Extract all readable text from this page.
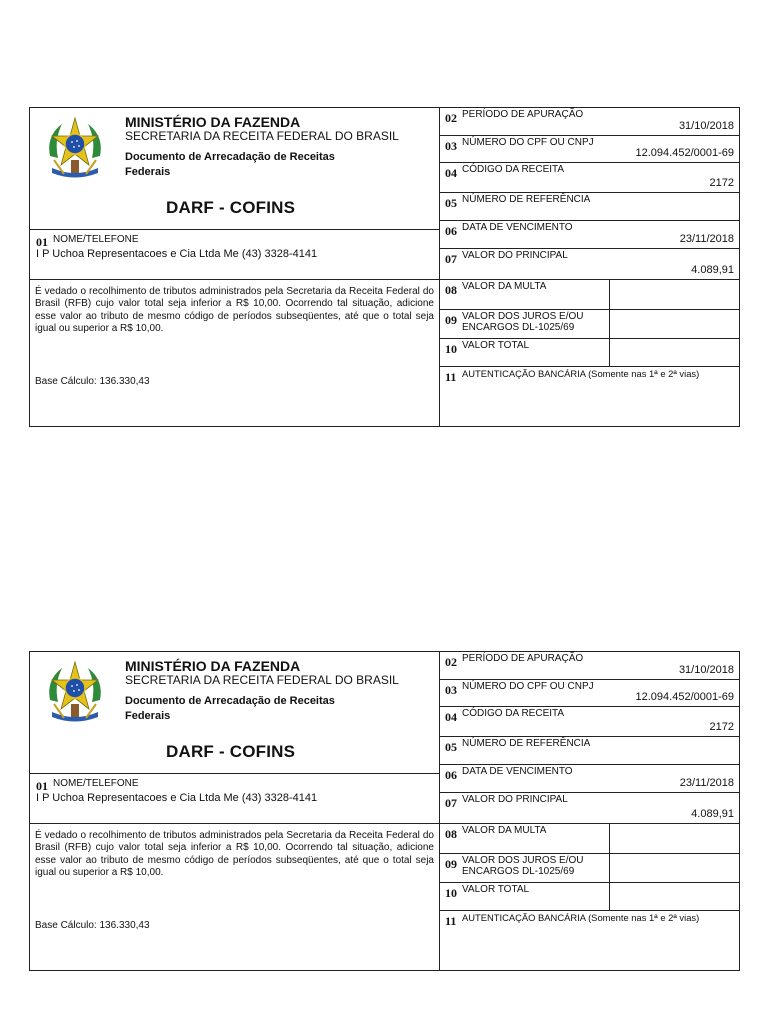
MINISTÉRIO DA FAZENDA
SECRETARIA DA RECEITA FEDERAL DO BRASIL
Documento de Arrecadação de Receitas
Federais
DARF - COFINS
01 NOME/TELEFONE
I P Uchoa Representacoes e Cia Ltda Me (43) 3328-4141
É vedado o recolhimento de tributos administrados pela Secretaria da Receita Federal do Brasil (RFB) cujo valor total seja inferior a R$ 10,00. Ocorrendo tal situação, adicione esse valor ao tributo de mesmo código de períodos subseqüentes, até que o total seja igual ou superior a R$ 10,00.
Base Cálculo: 136.330,43
02 PERÍODO DE APURAÇÃO
31/10/2018
03 NÚMERO DO CPF OU CNPJ
12.094.452/0001-69
04 CÓDIGO DA RECEITA
2172
05 NÚMERO DE REFERÊNCIA
06 DATA DE VENCIMENTO
23/11/2018
07 VALOR DO PRINCIPAL
4.089,91
08 VALOR DA MULTA
09 VALOR DOS JUROS E/OU
ENCARGOS DL-1025/69
10 VALOR TOTAL
11 AUTENTICAÇÃO BANCÁRIA (Somente nas 1ª e 2ª vias)
MINISTÉRIO DA FAZENDA
SECRETARIA DA RECEITA FEDERAL DO BRASIL
Documento de Arrecadação de Receitas
Federais
DARF - COFINS
01 NOME/TELEFONE
I P Uchoa Representacoes e Cia Ltda Me (43) 3328-4141
É vedado o recolhimento de tributos administrados pela Secretaria da Receita Federal do Brasil (RFB) cujo valor total seja inferior a R$ 10,00. Ocorrendo tal situação, adicione esse valor ao tributo de mesmo código de períodos subseqüentes, até que o total seja igual ou superior a R$ 10,00.
Base Cálculo: 136.330,43
02 PERÍODO DE APURAÇÃO
31/10/2018
03 NÚMERO DO CPF OU CNPJ
12.094.452/0001-69
04 CÓDIGO DA RECEITA
2172
05 NÚMERO DE REFERÊNCIA
06 DATA DE VENCIMENTO
23/11/2018
07 VALOR DO PRINCIPAL
4.089,91
08 VALOR DA MULTA
09 VALOR DOS JUROS E/OU
ENCARGOS DL-1025/69
10 VALOR TOTAL
11 AUTENTICAÇÃO BANCÁRIA (Somente nas 1ª e 2ª vias)
